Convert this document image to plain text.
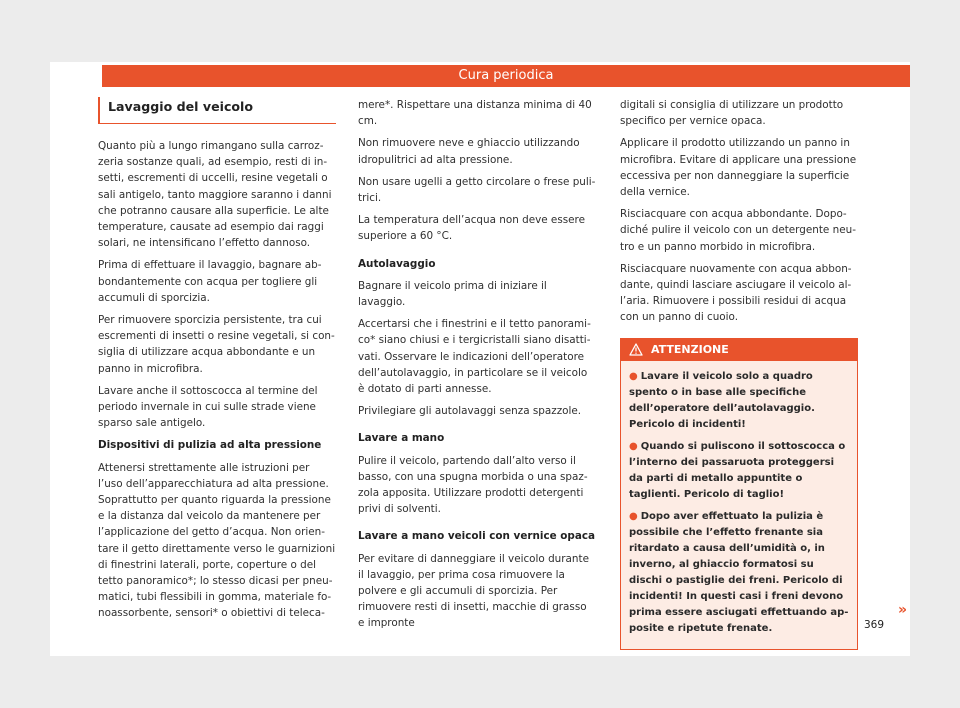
Cura periodica
Lavaggio del veicolo

Quanto più a lungo rimangano sulla carrozzeria sostanze quali, ad esempio, resti di insetti, escrementi di uccelli, resine vegetali o sali antigelo, tanto maggiore saranno i danni che potranno causare alla superficie. Le alte temperature, causate ad esempio dai raggi solari, ne intensificano l’effetto dannoso.

Prima di effettuare il lavaggio, bagnare abbondantemente con acqua per togliere gli accumuli di sporcizia.

Per rimuovere sporcizia persistente, tra cui escrementi di insetti o resine vegetali, si consiglia di utilizzare acqua abbondante e un panno in microfibra.

Lavare anche il sottoscocca al termine del periodo invernale in cui sulle strade viene sparso sale antigelo.

Dispositivi di pulizia ad alta pressione

Attenersi strettamente alle istruzioni per l’uso dell’apparecchiatura ad alta pressione. Soprattutto per quanto riguarda la pressione e la distanza dal veicolo da mantenere per l’applicazione del getto d’acqua. Non orientare il getto direttamente verso le guarnizioni di finestrini laterali, porte, coperture o del tetto panoramico*; lo stesso dicasi per pneumatici, tubi flessibili in gomma, materiale fonoassorbente, sensori* o obiettivi di teleca-

mere*. Rispettare una distanza minima di 40 cm.

Non rimuovere neve e ghiaccio utilizzando idropulitrici ad alta pressione.

Non usare ugelli a getto circolare o frese pulitrici.

La temperatura dell’acqua non deve essere superiore a 60 °C.

Autolavaggio

Bagnare il veicolo prima di iniziare il lavaggio.

Accertarsi che i finestrini e il tetto panoramico* siano chiusi e i tergicristalli siano disattivati. Osservare le indicazioni dell’operatore dell’autolavaggio, in particolare se il veicolo è dotato di parti annesse.

Privilegiare gli autolavaggi senza spazzole.

Lavare a mano

Pulire il veicolo, partendo dall’alto verso il basso, con una spugna morbida o una spazzola apposita. Utilizzare prodotti detergenti privi di solventi.

Lavare a mano veicoli con vernice opaca

Per evitare di danneggiare il veicolo durante il lavaggio, per prima cosa rimuovere la polvere e gli accumuli di sporcizia. Per rimuovere resti di insetti, macchie di grasso e impronte

digitali si consiglia di utilizzare un prodotto specifico per vernice opaca.

Applicare il prodotto utilizzando un panno in microfibra. Evitare di applicare una pressione eccessiva per non danneggiare la superficie della vernice.

Risciacquare con acqua abbondante. Dopodiché pulire il veicolo con un detergente neutro e un panno morbido in microfibra.

Risciacquare nuovamente con acqua abbondante, quindi lasciare asciugare il veicolo all’aria. Rimuovere i possibili residui di acqua con un panno di cuoio.

ATTENZIONE

● Lavare il veicolo solo a quadro spento o in base alle specifiche dell’operatore dell’autolavaggio. Pericolo di incidenti!

● Quando si puliscono il sottoscocca o l’interno dei passaruota proteggersi da parti di metallo appuntite o taglienti. Pericolo di taglio!

● Dopo aver effettuato la pulizia è possibile che l’effetto frenante sia ritardato a causa dell’umidità o, in inverno, al ghiaccio formatosi su dischi o pastiglie dei freni. Pericolo di incidenti! In questi casi i freni devono prima essere asciugati effettuando apposite e ripetute frenate.

»
369
